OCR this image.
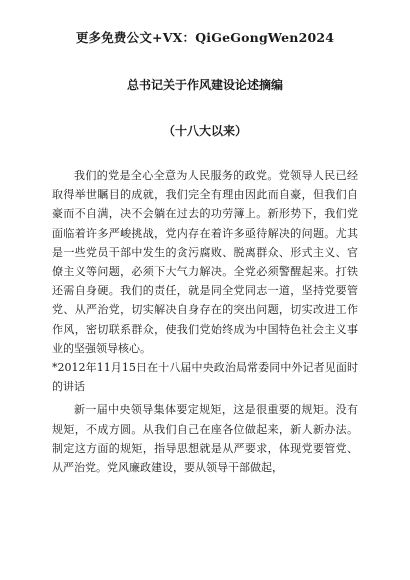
更多免费公文+VX：QiGeGongWen2024
总书记关于作风建设论述摘编
（十八大以来）

我们的党是全心全意为人民服务的政党。党领导人民已经取得举世瞩目的成就，我们完全有理由因此而自豪，但我们自豪而不自满，决不会躺在过去的功劳簿上。新形势下，我们党面临着许多严峻挑战，党内存在着许多亟待解决的问题。尤其是一些党员干部中发生的贪污腐败、脱离群众、形式主义、官僚主义等问题，必须下大气力解决。全党必须警醒起来。打铁还需自身硬。我们的责任，就是同全党同志一道，坚持党要管党、从严治党，切实解决自身存在的突出问题，切实改进工作作风，密切联系群众，使我们党始终成为中国特色社会主义事业的坚强领导核心。

*2012年11月15日在十八届中央政治局常委同中外记者见面时的讲话

新一届中央领导集体要定规矩，这是很重要的规矩。没有规矩，不成方圆。从我们自己在座各位做起来，新人新办法。制定这方面的规矩，指导思想就是从严要求，体现党要管党、从严治党。党风廉政建设，要从领导干部做起，
